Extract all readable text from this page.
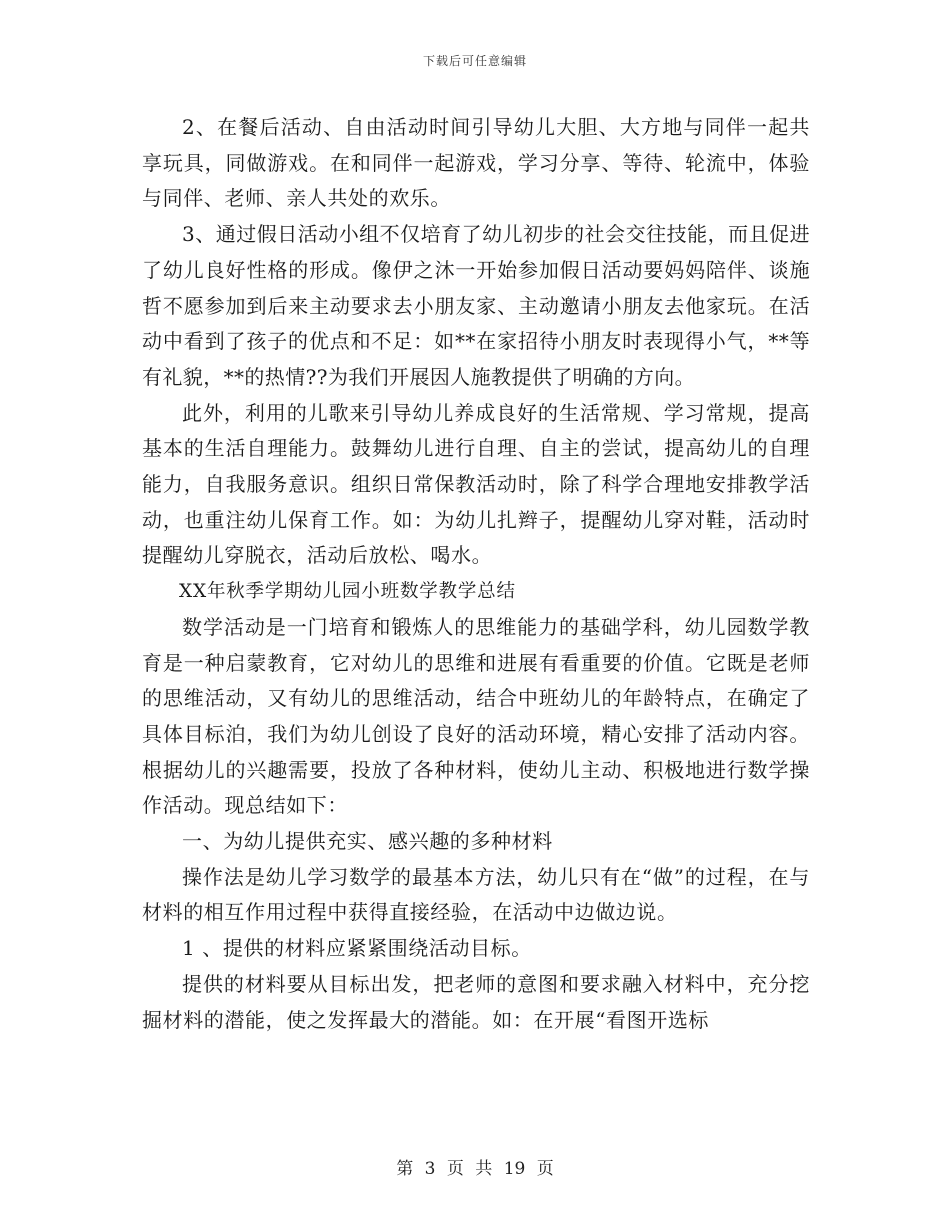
下载后可任意编辑

2、在餐后活动、自由活动时间引导幼儿大胆、大方地与同伴一起共享玩具，同做游戏。在和同伴一起游戏，学习分享、等待、轮流中，体验与同伴、老师、亲人共处的欢乐。

3、通过假日活动小组不仅培育了幼儿初步的社会交往技能，而且促进了幼儿良好性格的形成。像伊之沐一开始参加假日活动要妈妈陪伴、谈施哲不愿参加到后来主动要求去小朋友家、主动邀请小朋友去他家玩。在活动中看到了孩子的优点和不足：如**在家招待小朋友时表现得小气，**等有礼貌，**的热情??为我们开展因人施教提供了明确的方向。

此外，利用的儿歌来引导幼儿养成良好的生活常规、学习常规，提高基本的生活自理能力。鼓舞幼儿进行自理、自主的尝试，提高幼儿的自理能力，自我服务意识。组织日常保教活动时，除了科学合理地安排教学活动，也重注幼儿保育工作。如：为幼儿扎辫子，提醒幼儿穿对鞋，活动时提醒幼儿穿脱衣，活动后放松、喝水。

XX年秋季学期幼儿园小班数学教学总结

数学活动是一门培育和锻炼人的思维能力的基础学科，幼儿园数学教育是一种启蒙教育，它对幼儿的思维和进展有看重要的价值。它既是老师的思维活动，又有幼儿的思维活动，结合中班幼儿的年龄特点，在确定了具体目标泊，我们为幼儿创设了良好的活动环境，精心安排了活动内容。根据幼儿的兴趣需要，投放了各种材料，使幼儿主动、积极地进行数学操作活动。现总结如下：

一、为幼儿提供充实、感兴趣的多种材料

操作法是幼儿学习数学的最基本方法，幼儿只有在“做”的过程，在与材料的相互作用过程中获得直接经验，在活动中边做边说。

1 、提供的材料应紧紧围绕活动目标。

提供的材料要从目标出发，把老师的意图和要求融入材料中，充分挖掘材料的潜能，使之发挥最大的潜能。如：在开展“看图开选标

第 3 页 共 19 页
